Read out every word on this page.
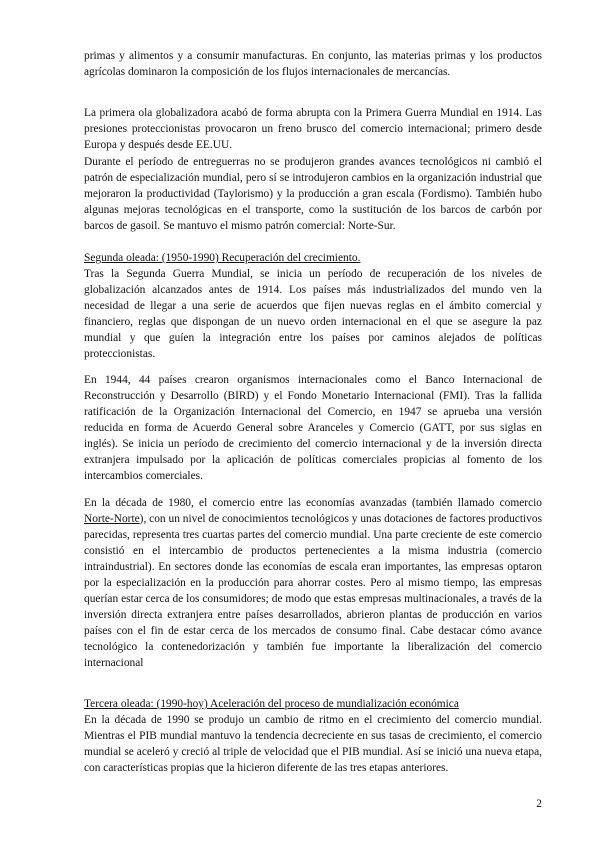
primas y alimentos y a consumir manufacturas. En conjunto, las materias primas y los productos agrícolas dominaron la composición de los flujos internacionales de mercancías.

La primera ola globalizadora acabó de forma abrupta con la Primera Guerra Mundial en 1914. Las presiones proteccionistas provocaron un freno brusco del comercio internacional; primero desde Europa y después desde EE.UU.

Durante el período de entreguerras no se produjeron grandes avances tecnológicos ni cambió el patrón de especialización mundial, pero sí se introdujeron cambios en la organización industrial que mejoraron la productividad (Taylorismo) y la producción a gran escala (Fordismo). También hubo algunas mejoras tecnológicas en el transporte, como la sustitución de los barcos de carbón por barcos de gasoil. Se mantuvo el mismo patrón comercial: Norte-Sur.

Segunda oleada: (1950-1990) Recuperación del crecimiento.

Tras la Segunda Guerra Mundial, se inicia un período de recuperación de los niveles de globalización alcanzados antes de 1914. Los países más industrializados del mundo ven la necesidad de llegar a una serie de acuerdos que fijen nuevas reglas en el ámbito comercial y financiero, reglas que dispongan de un nuevo orden internacional en el que se asegure la paz mundial y que guíen la integración entre los países por caminos alejados de políticas proteccionistas.

En 1944, 44 países crearon organismos internacionales como el Banco Internacional de Reconstrucción y Desarrollo (BIRD) y el Fondo Monetario Internacional (FMI). Tras la fallida ratificación de la Organización Internacional del Comercio, en 1947 se aprueba una versión reducida en forma de Acuerdo General sobre Aranceles y Comercio (GATT, por sus siglas en inglés). Se inicia un período de crecimiento del comercio internacional y de la inversión directa extranjera impulsado por la aplicación de políticas comerciales propicias al fomento de los intercambios comerciales.

En la década de 1980, el comercio entre las economías avanzadas (también llamado comercio Norte-Norte), con un nivel de conocimientos tecnológicos y unas dotaciones de factores productivos parecidas, representa tres cuartas partes del comercio mundial. Una parte creciente de este comercio consistió en el intercambio de productos pertenecientes a la misma industria (comercio intraindustrial). En sectores donde las economías de escala eran importantes, las empresas optaron por la especialización en la producción para ahorrar costes. Pero al mismo tiempo, las empresas querían estar cerca de los consumidores; de modo que estas empresas multinacionales, a través de la inversión directa extranjera entre países desarrollados, abrieron plantas de producción en varios países con el fin de estar cerca de los mercados de consumo final. Cabe destacar cómo avance tecnológico la contenedorización y también fue importante la liberalización del comercio internacional

Tercera oleada: (1990-hoy) Aceleración del proceso de mundialización económica

En la década de 1990 se produjo un cambio de ritmo en el crecimiento del comercio mundial. Mientras el PIB mundial mantuvo la tendencia decreciente en sus tasas de crecimiento, el comercio mundial se aceleró y creció al triple de velocidad que el PIB mundial. Así se inició una nueva etapa, con características propias que la hicieron diferente de las tres etapas anteriores.

2
